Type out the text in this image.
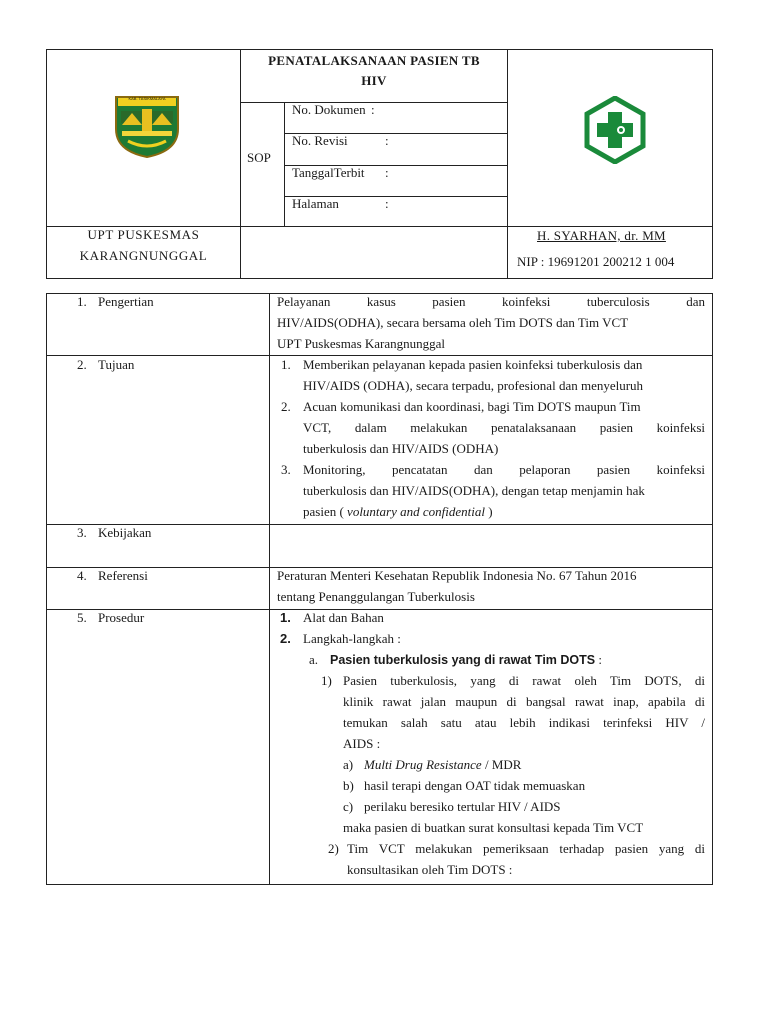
KAB. TASIKMALAYA
PENATALAKSANAAN PASIEN TB
HIV
SOP
No. Dokumen :
No. Revisi	:
TanggalTerbit :
Halaman	:
UPT PUSKESMAS
KARANGNUNGGAL
H. SYARHAN, dr. MM
NIP : 19691201 200212 1 004
1. Pengertian	Pelayanan kasus pasien koinfeksi tuberculosis dan
HIV/AIDS(ODHA), secara bersama oleh Tim DOTS dan Tim VCT
UPT Puskesmas Karangnunggal
2. Tujuan	1. Memberikan pelayanan kepada pasien koinfeksi tuberkulosis dan
HIV/AIDS (ODHA), secara terpadu, profesional dan menyeluruh
2. Acuan komunikasi dan koordinasi, bagi Tim DOTS maupun Tim
VCT, dalam melakukan penatalaksanaan pasien koinfeksi
tuberkulosis dan HIV/AIDS (ODHA)
3. Monitoring, pencatatan dan pelaporan pasien koinfeksi
tuberkulosis dan HIV/AIDS(ODHA), dengan tetap menjamin hak
pasien ( voluntary and confidential )
3. Kebijakan
4. Referensi	Peraturan Menteri Kesehatan Republik Indonesia No. 67 Tahun 2016
tentang Penanggulangan Tuberkulosis
5. Prosedur	1. Alat dan Bahan
2. Langkah-langkah :
a. Pasien tuberkulosis yang di rawat Tim DOTS :
1) Pasien tuberkulosis, yang di rawat oleh Tim DOTS, di
klinik rawat jalan maupun di bangsal rawat inap, apabila di
temukan salah satu atau lebih indikasi terinfeksi HIV /
AIDS :
a) Multi Drug Resistance / MDR
b) hasil terapi dengan OAT tidak memuaskan
c) perilaku beresiko tertular HIV / AIDS
maka pasien di buatkan surat konsultasi kepada Tim VCT
2) Tim VCT melakukan pemeriksaan terhadap pasien yang di
konsultasikan oleh Tim DOTS :
